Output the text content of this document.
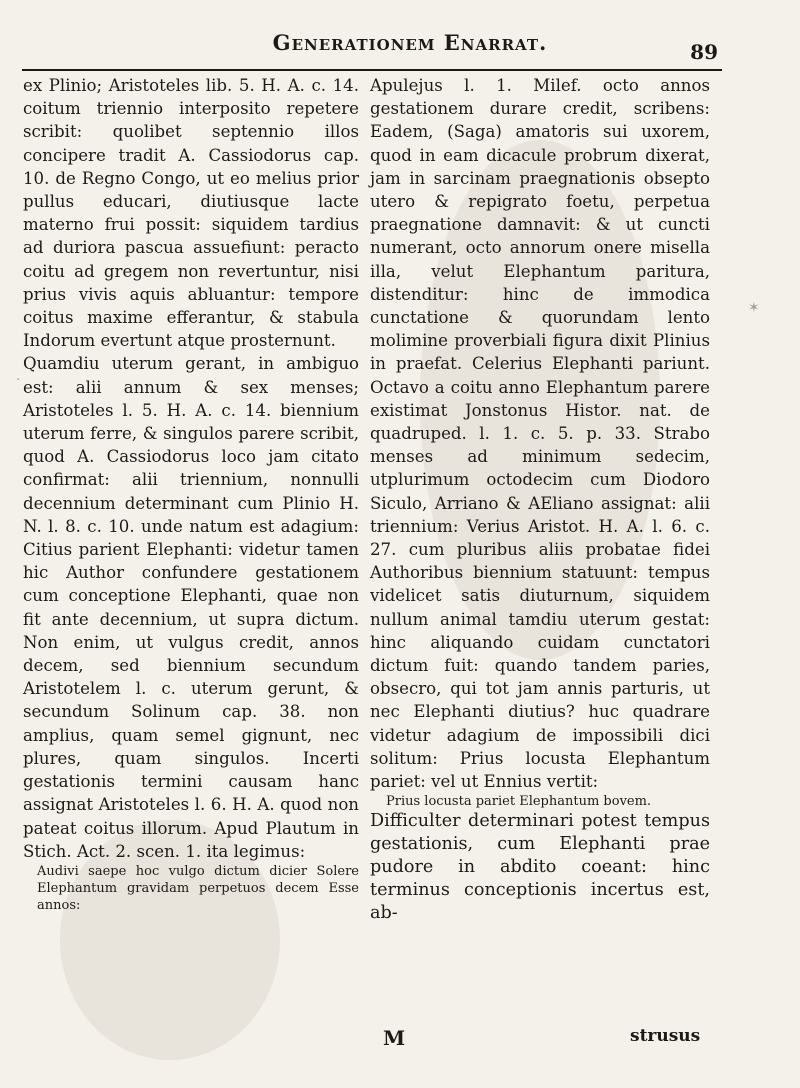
Generationem Enarrat.	89

ex Plinio; Aristoteles lib. 5. H. A. c. 14. coitum triennio interposito repetere scribit: quolibet septennio illos concipere tradit A. Cassiodorus cap. 10. de Regno Congo, ut eo melius prior pullus educari, diutiusque lacte materno frui possit: siquidem tardius ad duriora pascua assuefiunt: peracto coitu ad gregem non revertuntur, nisi prius vivis aquis abluantur: tempore coitus maxime efferantur, & stabula Indorum evertunt atque prosternunt.

Quamdiu uterum gerant, in ambiguo est: alii annum & sex menses; Aristoteles l. 5. H. A. c. 14. biennium uterum ferre, & singulos parere scribit, quod A. Cassiodorus loco jam citato confirmat: alii triennium, nonnulli decennium determinant cum Plinio H. N. l. 8. c. 10. unde natum est adagium: Citius parient Elephanti: videtur tamen hic Author confundere gestationem cum conceptione Elephanti, quae non fit ante decennium, ut supra dictum. Non enim, ut vulgus credit, annos decem, sed biennium secundum Aristotelem l. c. uterum gerunt, & secundum Solinum cap. 38. non amplius, quam semel gignunt, nec plures, quam singulos. Incerti gestationis termini causam hanc assignat Aristoteles l. 6. H. A. quod non pateat coitus illorum. Apud Plautum in Stich. Act. 2. scen. 1. ita legimus:

Audivi saepe hoc vulgo dictum dicier Solere Elephantum gravidam perpetuos decem Esse annos:

Apulejus l. 1. Milef. octo annos gestationem durare credit, scribens: Eadem, (Saga) amatoris sui uxorem, quod in eam dicacule probrum dixerat, jam in sarcinam praegnationis obsepto utero & repigrato foetu, perpetua praegnatione damnavit: & ut cuncti numerant, octo annorum onere misella illa, velut Elephantum paritura, distenditur: hinc de immodica cunctatione & quorundam lento molimine proverbiali figura dixit Plinius in praefat. Celerius Elephanti pariunt. Octavo a coitu anno Elephantum parere existimat Jonstonus Histor. nat. de quadruped. l. 1. c. 5. p. 33. Strabo menses ad minimum sedecim, utplurimum octodecim cum Diodoro Siculo, Arriano & AEliano assignat: alii triennium: Verius Aristot. H. A. l. 6. c. 27. cum pluribus aliis probatae fidei Authoribus biennium statuunt: tempus videlicet satis diuturnum, siquidem nullum animal tamdiu uterum gestat: hinc aliquando cuidam cunctatori dictum fuit: quando tandem paries, obsecro, qui tot jam annis parturis, ut nec Elephanti diutius? huc quadrare videtur adagium de impossibili dici solitum: Prius locusta Elephantum pariet: vel ut Ennius vertit:

Prius locusta pariet Elephantum bovem.

Difficulter determinari potest tempus gestationis, cum Elephanti prae pudore in abdito coeant: hinc terminus conceptionis incertus est, ab-

M	strusus
✶
·
